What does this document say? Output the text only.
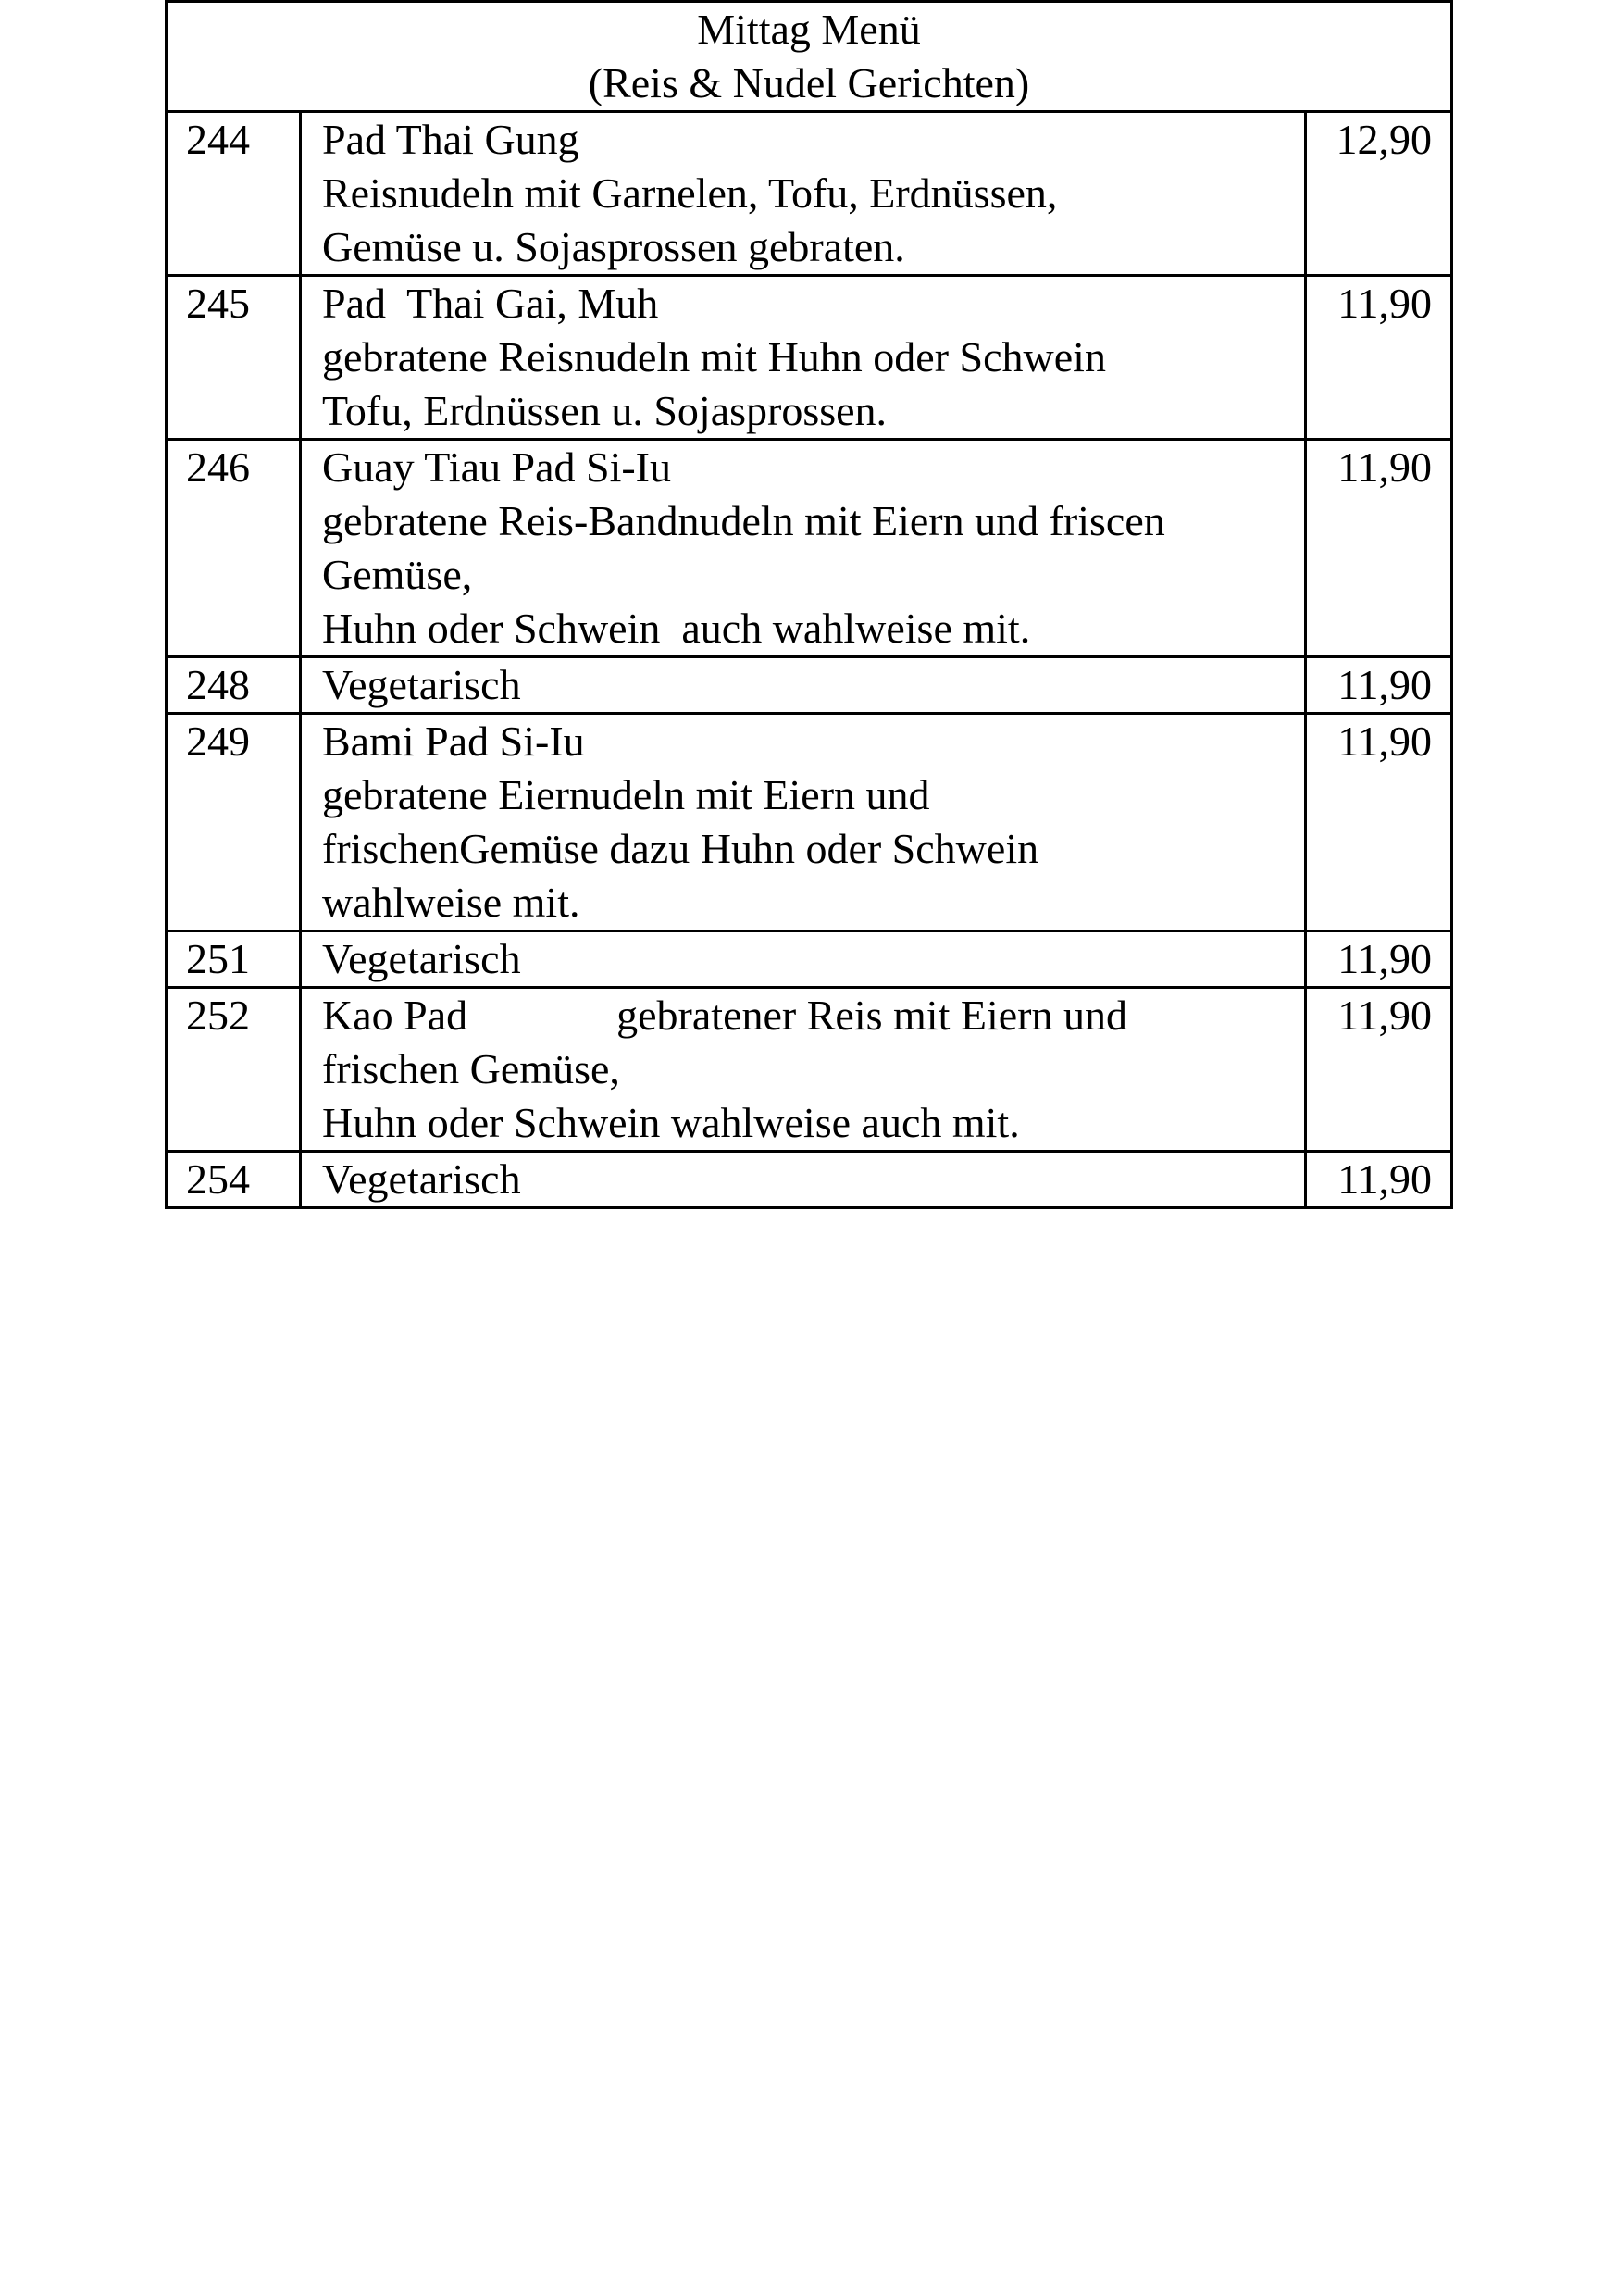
Mittag Menü
(Reis & Nudel Gerichten)		

244	Pad Thai Gung
Reisnudeln mit Garnelen, Tofu, Erdnüssen,
Gemüse u. Sojasprossen gebraten.	12,90
245	Pad  Thai Gai, Muh
gebratene Reisnudeln mit Huhn oder Schwein
Tofu, Erdnüssen u. Sojasprossen.	11,90
246	Guay Tiau Pad Si-Iu
gebratene Reis-Bandnudeln mit Eiern und friscen
Gemüse,
Huhn oder Schwein  auch wahlweise mit.	11,90
248	Vegetarisch	11,90
249	Bami Pad Si-Iu
gebratene Eiernudeln mit Eiern und
frischenGemüse dazu Huhn oder Schwein
wahlweise mit.	11,90
251	Vegetarisch	11,90
252	Kao Pad              gebratener Reis mit Eiern und
frischen Gemüse,
Huhn oder Schwein wahlweise auch mit.	11,90
254	Vegetarisch	11,90
